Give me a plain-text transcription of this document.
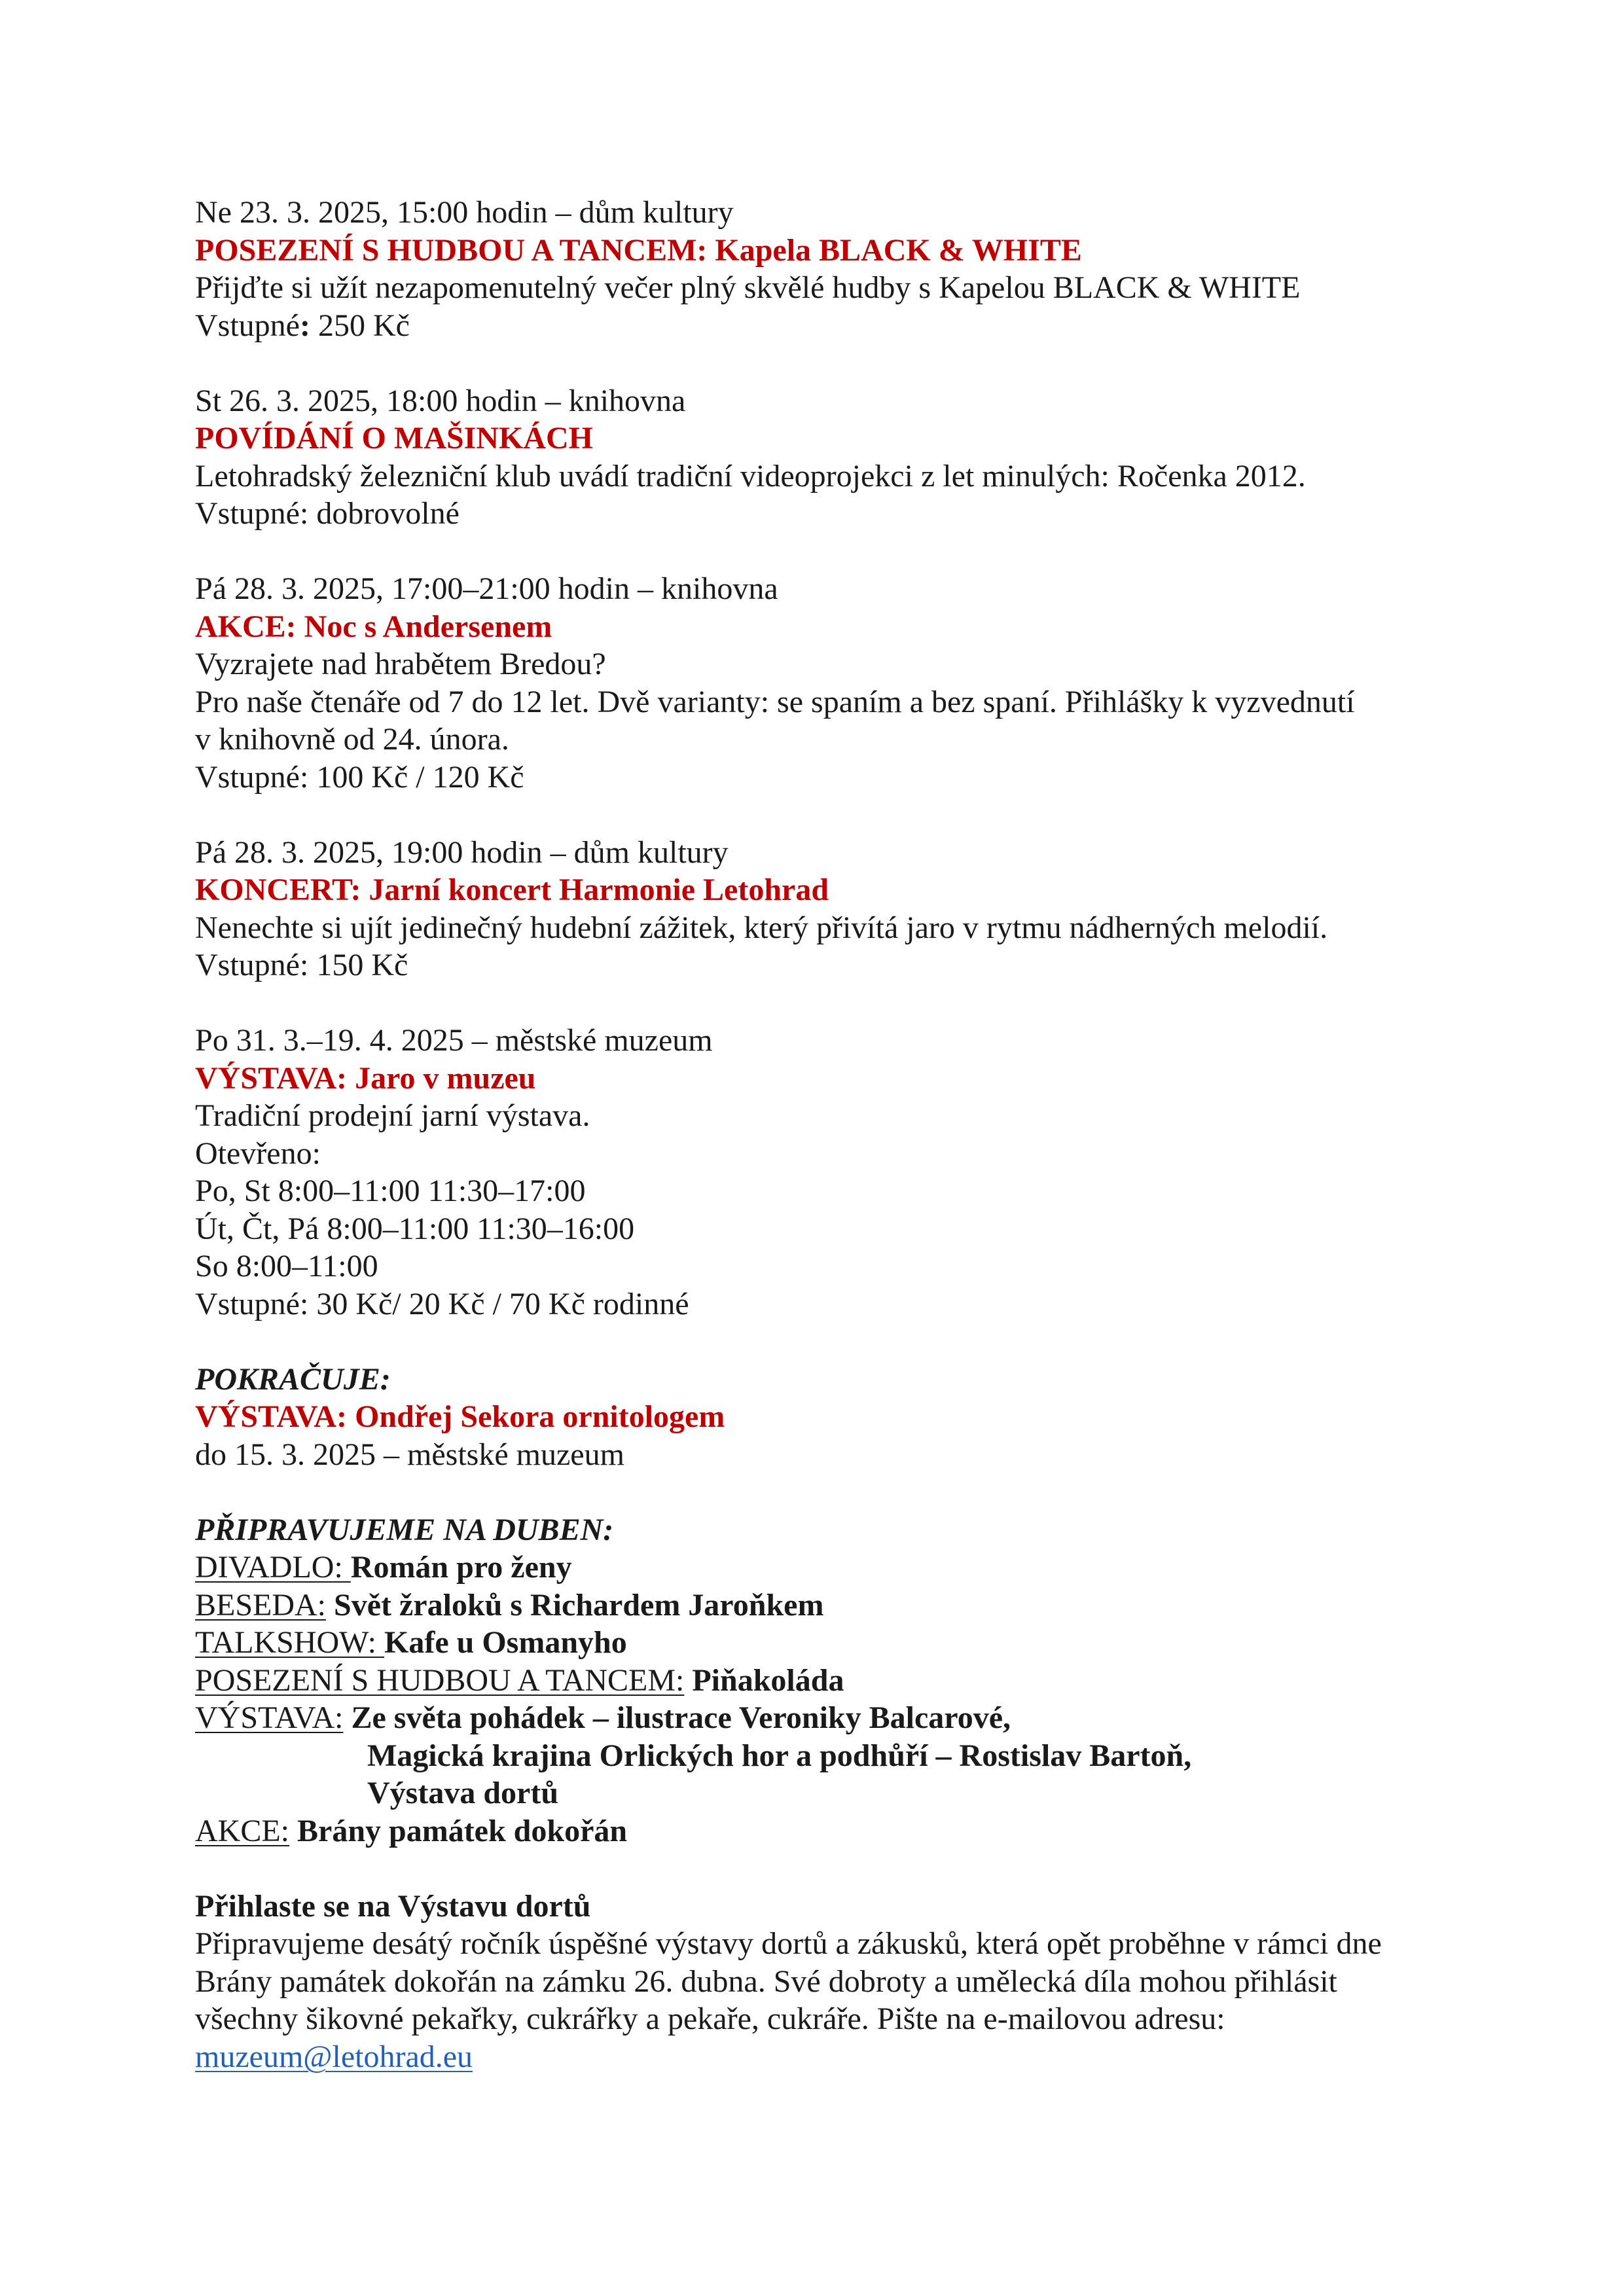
Ne 23. 3. 2025, 15:00 hodin – dům kultury
POSEZENÍ S HUDBOU A TANCEM: Kapela BLACK & WHITE
Přijďte si užít nezapomenutelný večer plný skvělé hudby s Kapelou BLACK & WHITE
Vstupné: 250 Kč
St 26. 3. 2025, 18:00 hodin – knihovna
POVÍDÁNÍ O MAŠINKÁCH
Letohradský železniční klub uvádí tradiční videoprojekci z let minulých: Ročenka 2012.
Vstupné: dobrovolné
Pá 28. 3. 2025, 17:00–21:00 hodin – knihovna
AKCE: Noc s Andersenem
Vyzrajete nad hrabětem Bredou?
Pro naše čtenáře od 7 do 12 let. Dvě varianty: se spaním a bez spaní. Přihlášky k vyzvednutí
v knihovně od 24. února.
Vstupné: 100 Kč / 120 Kč
Pá 28. 3. 2025, 19:00 hodin – dům kultury
KONCERT: Jarní koncert Harmonie Letohrad
Nenechte si ujít jedinečný hudební zážitek, který přivítá jaro v rytmu nádherných melodií.
Vstupné: 150 Kč
Po 31. 3.–19. 4. 2025 – městské muzeum
VÝSTAVA: Jaro v muzeu
Tradiční prodejní jarní výstava.
Otevřeno:
Po, St 8:00–11:00 11:30–17:00
Út, Čt, Pá 8:00–11:00 11:30–16:00
So 8:00–11:00
Vstupné: 30 Kč/ 20 Kč / 70 Kč rodinné
POKRAČUJE:
VÝSTAVA: Ondřej Sekora ornitologem
do 15. 3. 2025 – městské muzeum
PŘIPRAVUJEME NA DUBEN:
DIVADLO: Román pro ženy
BESEDA: Svět žraloků s Richardem Jaroňkem
TALKSHOW: Kafe u Osmanyho
POSEZENÍ S HUDBOU A TANCEM: Piňakoláda
VÝSTAVA: Ze světa pohádek – ilustrace Veroniky Balcarové,
Magická krajina Orlických hor a podhůří – Rostislav Bartoň,
Výstava dortů
AKCE: Brány památek dokořán
Přihlaste se na Výstavu dortů
Připravujeme desátý ročník úspěšné výstavy dortů a zákusků, která opět proběhne v rámci dne
Brány památek dokořán na zámku 26. dubna. Své dobroty a umělecká díla mohou přihlásit
všechny šikovné pekařky, cukrářky a pekaře, cukráře. Pište na e-mailovou adresu:
muzeum@letohrad.eu
